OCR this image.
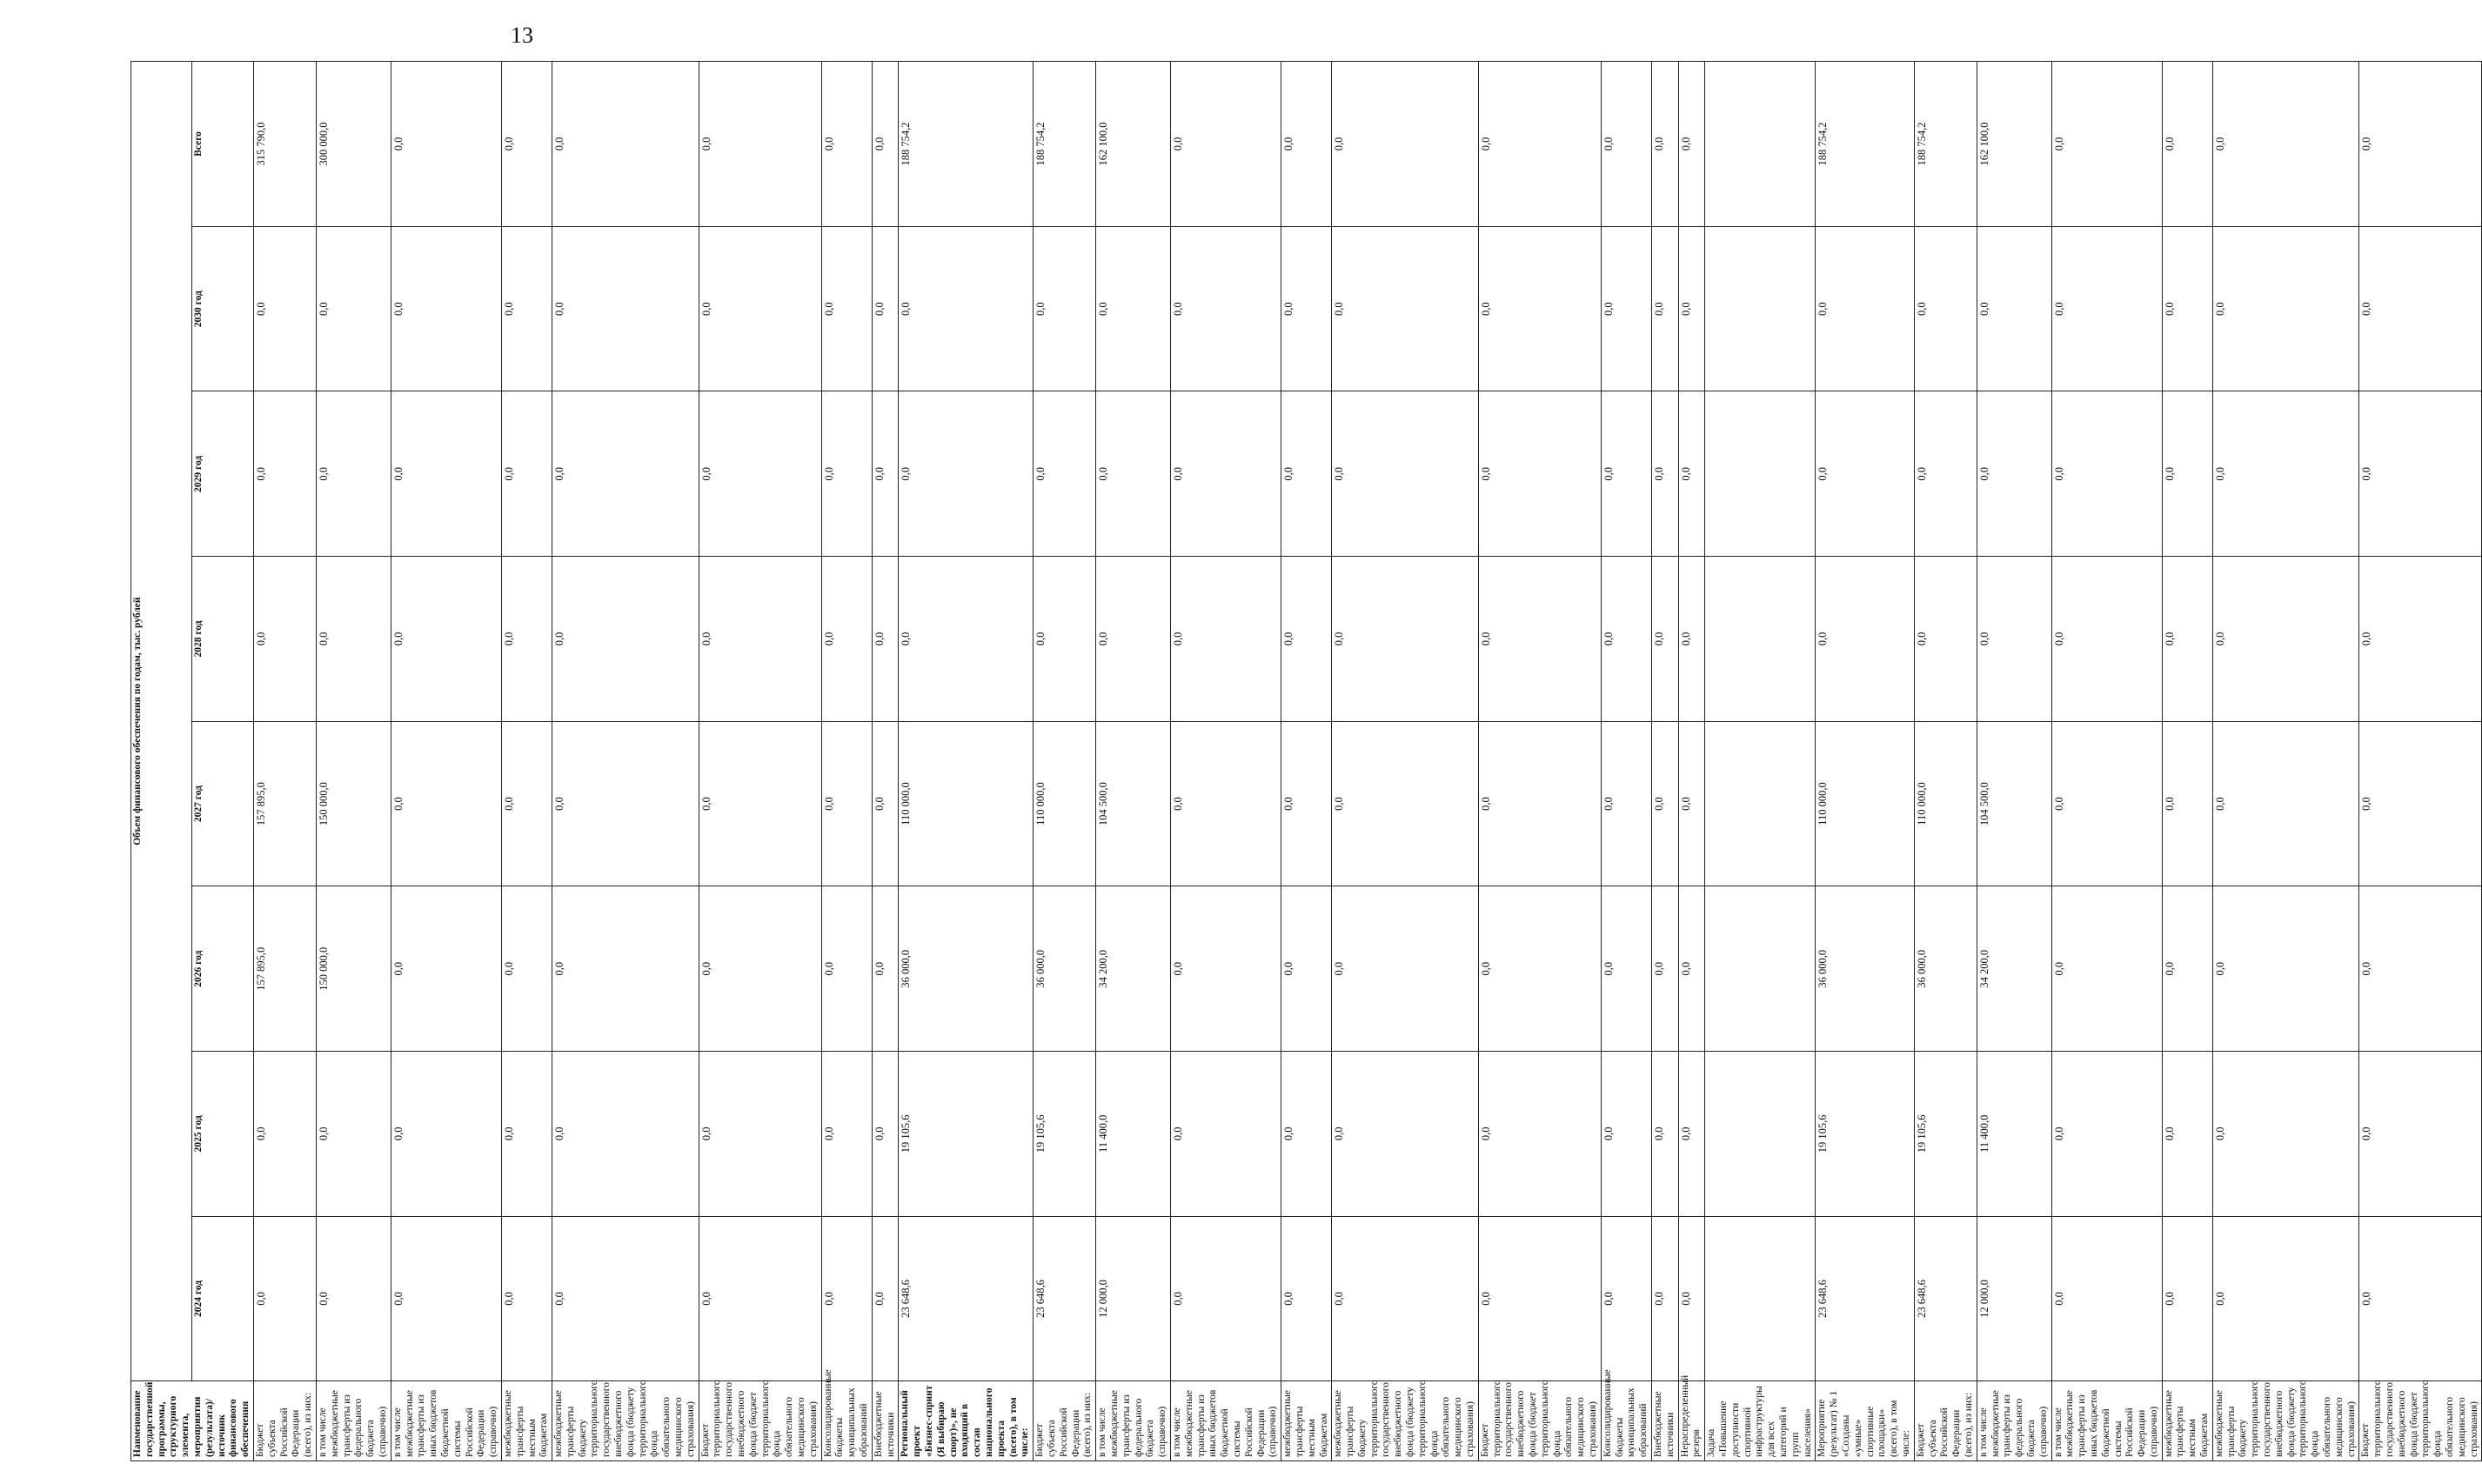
13
Наименование государственной программы, структурного элемента, мероприятия (результата)/источник финансового обеспечения	Объем финансового обеспечения по годам, тыс. рублей							
	2024 год	2025 год	2026 год	2027 год	2028 год	2029 год	2030 год	Всего
Бюджет субъекта Российской Федерации (всего), из них:	0,0	0,0	157 895,0	157 895,0	0,0	0,0	0,0	315 790,0
в том числе межбюджетные трансферты из федерального бюджета (справочно)	0,0	0,0	150 000,0	150 000,0	0,0	0,0	0,0	300 000,0
в том числе межбюджетные трансферты из иных бюджетов бюджетной системы Российской Федерации (справочно)	0,0	0,0	0,0	0,0	0,0	0,0	0,0	0,0
межбюджетные трансферты местным бюджетам	0,0	0,0	0,0	0,0	0,0	0,0	0,0	0,0
межбюджетные трансферты бюджету территориального государственного внебюджетного фонда (бюджету территориального фонда обязательного медицинского страхования)	0,0	0,0	0,0	0,0	0,0	0,0	0,0	0,0
Бюджет территориального государственного внебюджетного фонда (бюджет территориального фонда обязательного медицинского страхования)	0,0	0,0	0,0	0,0	0,0	0,0	0,0	0,0
Консолидированные бюджеты муниципальных образований	0,0	0,0	0,0	0,0	0,0	0,0	0,0	0,0
Внебюджетные источники	0,0	0,0	0,0	0,0	0,0	0,0	0,0	0,0
Региональный проект «Бизнес-спринт (Я выбираю спорт)», не входящий в состав национального проекта (всего), в том числе:	23 648,6	19 105,6	36 000,0	110 000,0	0,0	0,0	0,0	188 754,2
Бюджет субъекта Российской Федерации (всего), из них:	23 648,6	19 105,6	36 000,0	110 000,0	0,0	0,0	0,0	188 754,2
в том числе межбюджетные трансферты из федерального бюджета (справочно)	12 000,0	11 400,0	34 200,0	104 500,0	0,0	0,0	0,0	162 100,0
в том числе межбюджетные трансферты из иных бюджетов бюджетной системы Российской Федерации (справочно)	0,0	0,0	0,0	0,0	0,0	0,0	0,0	0,0
межбюджетные трансферты местным бюджетам	0,0	0,0	0,0	0,0	0,0	0,0	0,0	0,0
межбюджетные трансферты бюджету территориального государственного внебюджетного фонда (бюджету территориального фонда обязательного медицинского страхования)	0,0	0,0	0,0	0,0	0,0	0,0	0,0	0,0
Бюджет территориального государственного внебюджетного фонда (бюджет территориального фонда обязательного медицинского страхования)	0,0	0,0	0,0	0,0	0,0	0,0	0,0	0,0
Консолидированные бюджеты муниципальных образований	0,0	0,0	0,0	0,0	0,0	0,0	0,0	0,0
Внебюджетные источники	0,0	0,0	0,0	0,0	0,0	0,0	0,0	0,0
Нераспределенный резерв	0,0	0,0	0,0	0,0	0,0	0,0	0,0	0,0
Задача «Повышение доступности спортивной инфраструктуры для всех категорий и групп населения»								
Мероприятие (результат) № 1 «Созданы «умные» спортивные площадки» (всего), в том числе:	23 648,6	19 105,6	36 000,0	110 000,0	0,0	0,0	0,0	188 754,2
Бюджет субъекта Российской Федерации (всего), из них:	23 648,6	19 105,6	36 000,0	110 000,0	0,0	0,0	0,0	188 754,2
в том числе межбюджетные трансферты из федерального бюджета (справочно)	12 000,0	11 400,0	34 200,0	104 500,0	0,0	0,0	0,0	162 100,0
в том числе межбюджетные трансферты из иных бюджетов бюджетной системы Российской Федерации (справочно)	0,0	0,0	0,0	0,0	0,0	0,0	0,0	0,0
межбюджетные трансферты местным бюджетам	0,0	0,0	0,0	0,0	0,0	0,0	0,0	0,0
межбюджетные трансферты бюджету территориального государственного внебюджетного фонда (бюджету территориального фонда обязательного медицинского страхования)	0,0	0,0	0,0	0,0	0,0	0,0	0,0	0,0
Бюджет территориального государственного внебюджетного фонда (бюджет территориального фонда обязательного медицинского страхования)	0,0	0,0	0,0	0,0	0,0	0,0	0,0	0,0
